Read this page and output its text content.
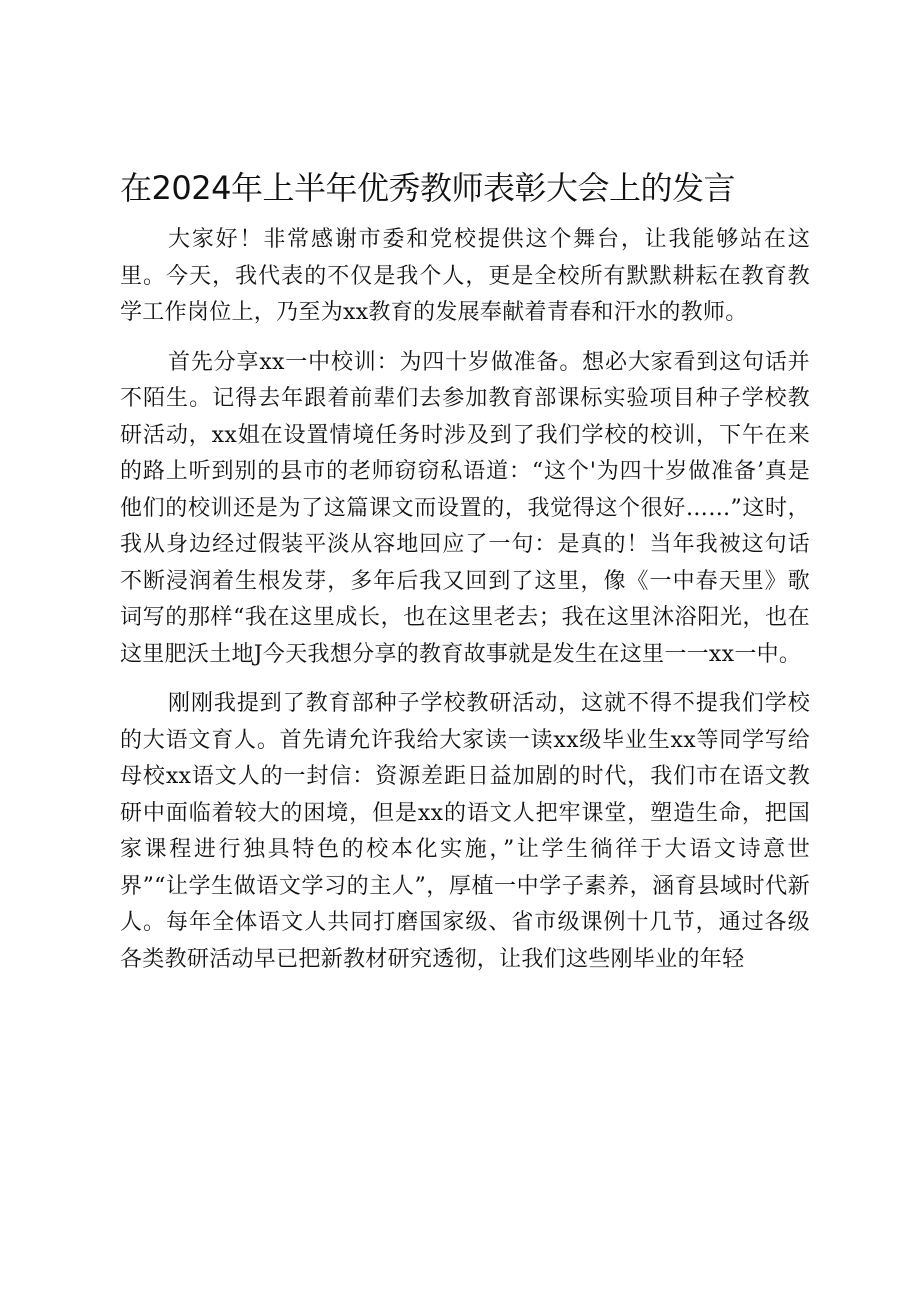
在2024年上半年优秀教师表彰大会上的发言

大家好！非常感谢市委和党校提供这个舞台，让我能够站在这里。今天，我代表的不仅是我个人，更是全校所有默默耕耘在教育教学工作岗位上，乃至为xx教育的发展奉献着青春和汗水的教师。

首先分享xx一中校训：为四十岁做准备。想必大家看到这句话并不陌生。记得去年跟着前辈们去参加教育部课标实验项目种子学校教研活动，xx姐在设置情境任务时涉及到了我们学校的校训，下午在来的路上听到别的县市的老师窃窃私语道：“这个'为四十岁做准备’真是他们的校训还是为了这篇课文而设置的，我觉得这个很好……”这时，我从身边经过假装平淡从容地回应了一句：是真的！当年我被这句话不断浸润着生根发芽，多年后我又回到了这里，像《一中春天里》歌词写的那样“我在这里成长，也在这里老去；我在这里沐浴阳光，也在这里肥沃土地J今天我想分享的教育故事就是发生在这里一一xx一中。

刚刚我提到了教育部种子学校教研活动，这就不得不提我们学校的大语文育人。首先请允许我给大家读一读xx级毕业生xx等同学写给母校xx语文人的一封信：资源差距日益加剧的时代，我们市在语文教研中面临着较大的困境，但是xx的语文人把牢课堂，塑造生命，把国家课程进行独具特色的校本化实施，”让学生徜徉于大语文诗意世界”“让学生做语文学习的主人”，厚植一中学子素养，涵育县域时代新人。每年全体语文人共同打磨国家级、省市级课例十几节，通过各级各类教研活动早已把新教材研究透彻，让我们这些刚毕业的年轻
